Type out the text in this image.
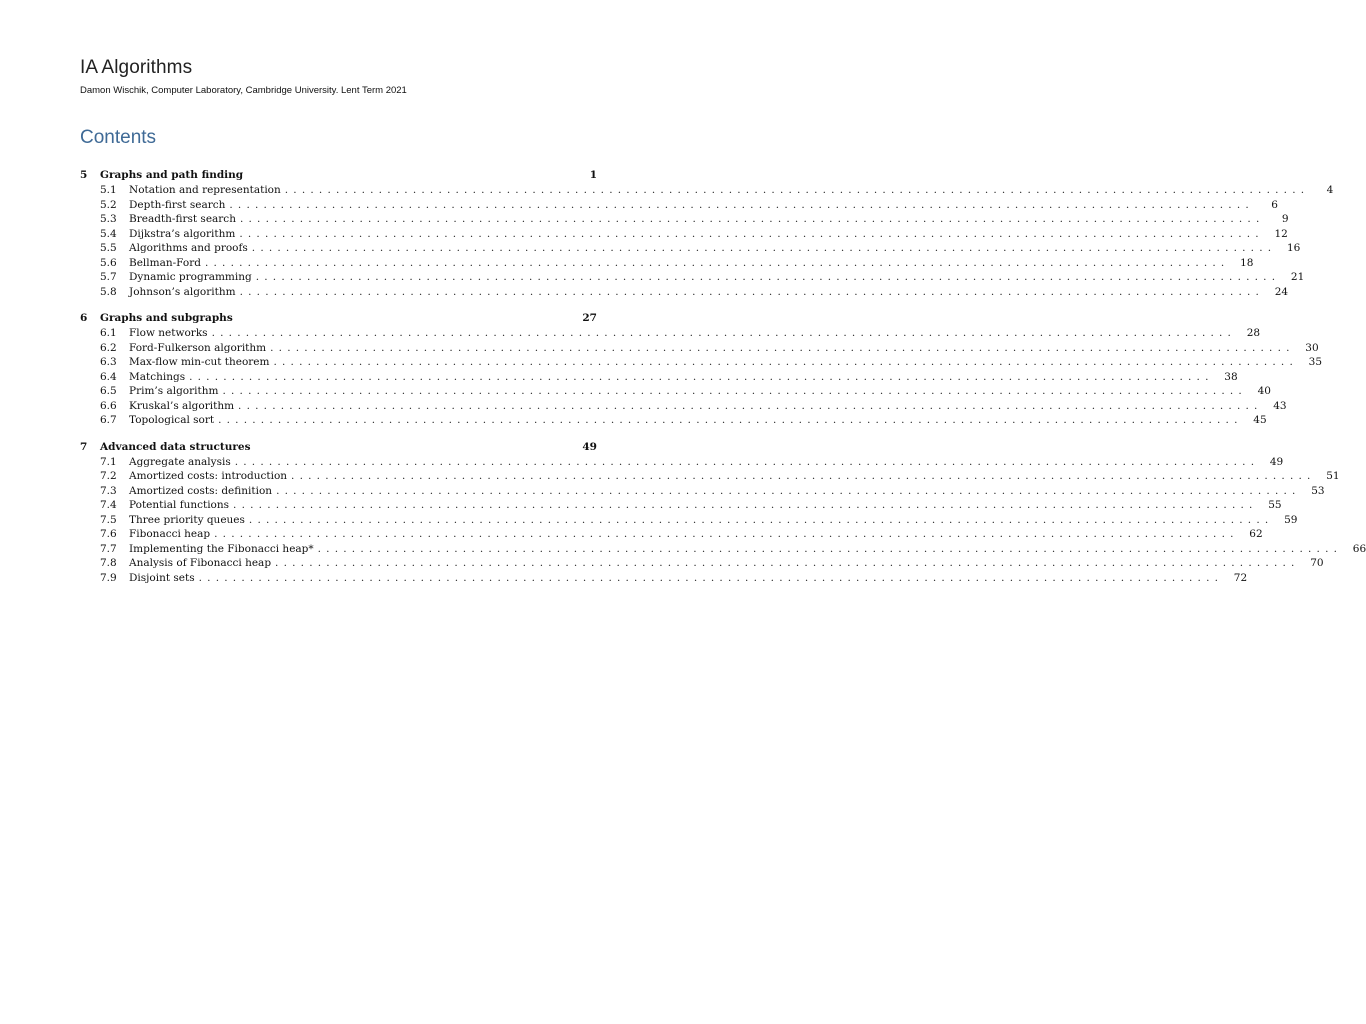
IA Algorithms
Damon Wischik, Computer Laboratory, Cambridge University. Lent Term 2021
Contents
5	Graphs and path finding	1
5.1	Notation and representation ........................................................................................................................	4
5.2	Depth-first search ........................................................................................................................	6
5.3	Breadth-first search ........................................................................................................................	9
5.4	Dijkstra’s algorithm ........................................................................................................................	12
5.5	Algorithms and proofs ........................................................................................................................	16
5.6	Bellman-Ford ........................................................................................................................	18
5.7	Dynamic programming ........................................................................................................................	21
5.8	Johnson’s algorithm ........................................................................................................................	24
6	Graphs and subgraphs	27
6.1	Flow networks ........................................................................................................................	28
6.2	Ford-Fulkerson algorithm ........................................................................................................................	30
6.3	Max-flow min-cut theorem ........................................................................................................................	35
6.4	Matchings ........................................................................................................................	38
6.5	Prim’s algorithm ........................................................................................................................	40
6.6	Kruskal’s algorithm ........................................................................................................................	43
6.7	Topological sort ........................................................................................................................	45
7	Advanced data structures	49
7.1	Aggregate analysis ........................................................................................................................	49
7.2	Amortized costs: introduction ........................................................................................................................	51
7.3	Amortized costs: definition ........................................................................................................................	53
7.4	Potential functions ........................................................................................................................	55
7.5	Three priority queues ........................................................................................................................	59
7.6	Fibonacci heap ........................................................................................................................	62
7.7	Implementing the Fibonacci heap* ........................................................................................................................	66
7.8	Analysis of Fibonacci heap ........................................................................................................................	70
7.9	Disjoint sets ........................................................................................................................	72
